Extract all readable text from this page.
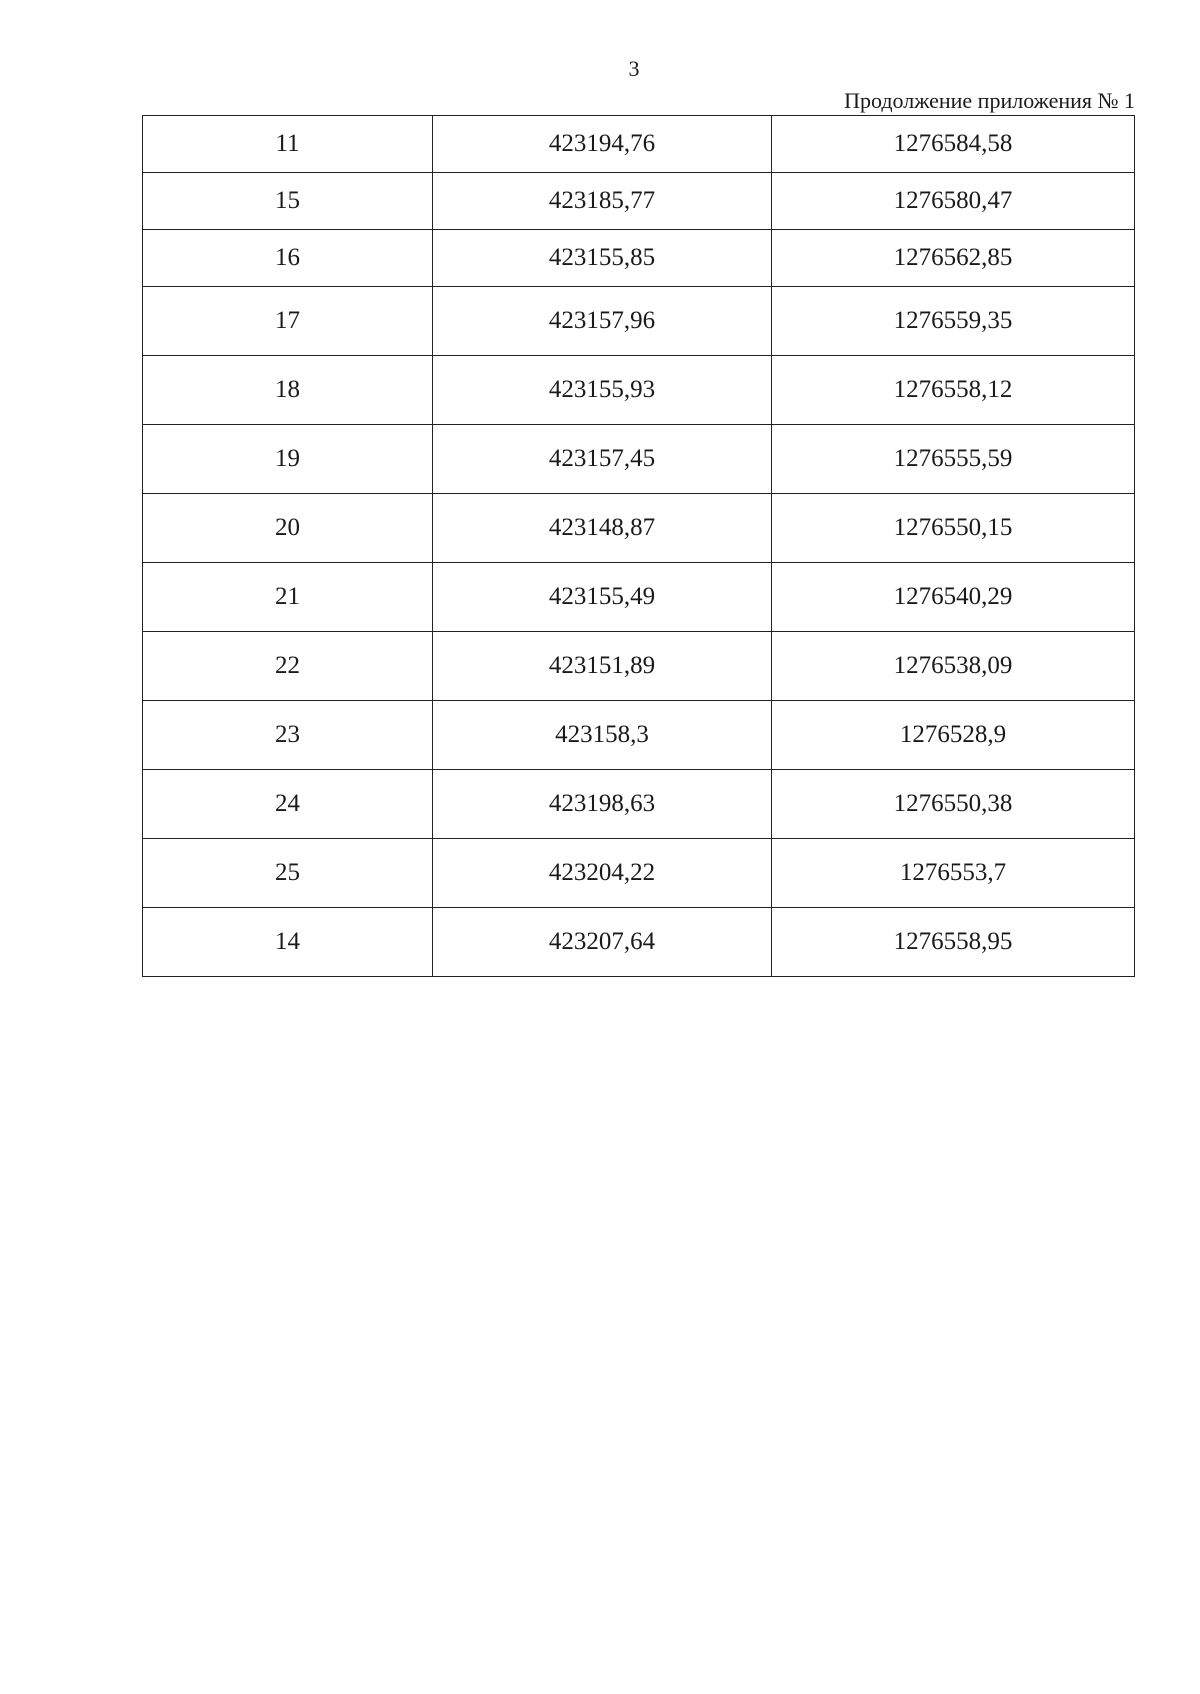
3
Продолжение приложения № 1
11	423194,76	1276584,58
15	423185,77	1276580,47
16	423155,85	1276562,85
17	423157,96	1276559,35
18	423155,93	1276558,12
19	423157,45	1276555,59
20	423148,87	1276550,15
21	423155,49	1276540,29
22	423151,89	1276538,09
23	423158,3	1276528,9
24	423198,63	1276550,38
25	423204,22	1276553,7
14	423207,64	1276558,95
